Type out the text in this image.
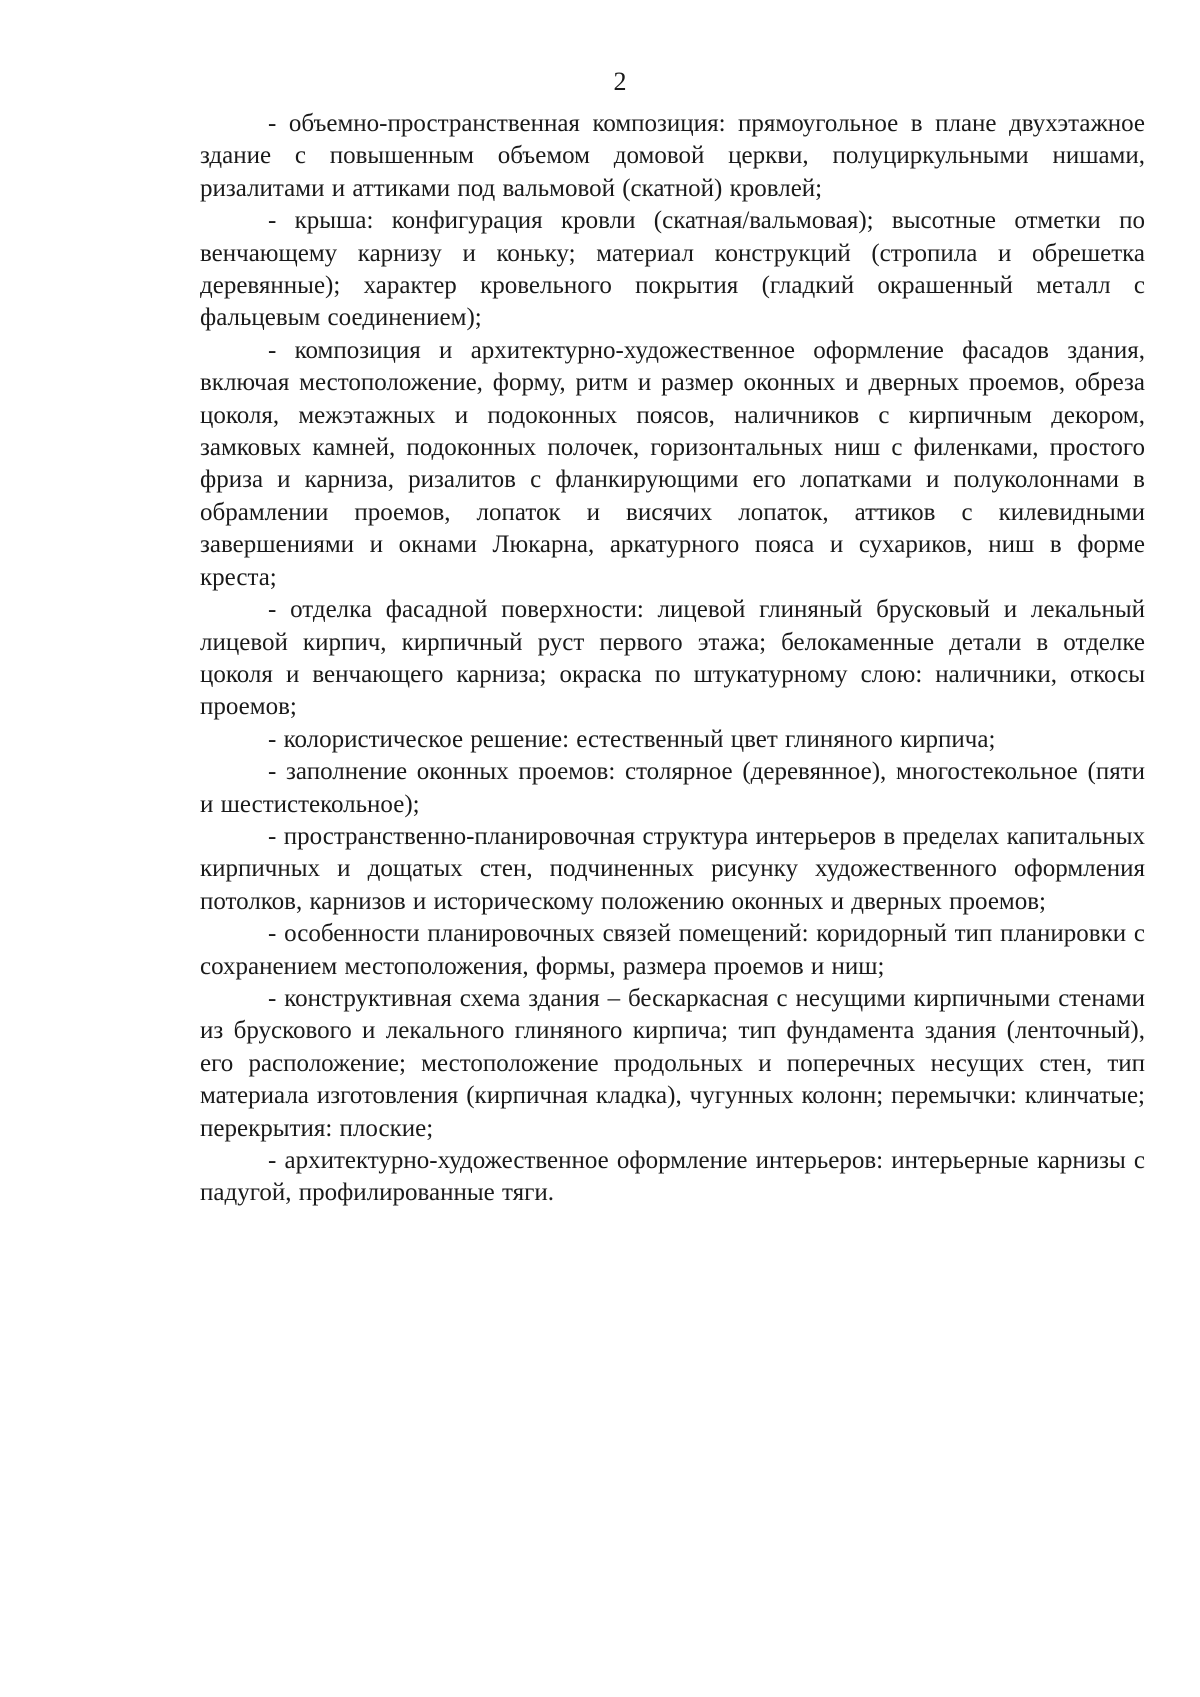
2

- объемно-пространственная композиция: прямоугольное в плане двухэтажное здание с повышенным объемом домовой церкви, полуциркульными нишами, ризалитами и аттиками под вальмовой (скатной) кровлей;

- крыша: конфигурация кровли (скатная/вальмовая); высотные отметки по венчающему карнизу и коньку; материал конструкций (стропила и обрешетка деревянные); характер кровельного покрытия (гладкий окрашенный металл с фальцевым соединением);

- композиция и архитектурно-художественное оформление фасадов здания, включая местоположение, форму, ритм и размер оконных и дверных проемов, обреза цоколя, межэтажных и подоконных поясов, наличников с кирпичным декором, замковых камней, подоконных полочек, горизонтальных ниш с филенками, простого фриза и карниза, ризалитов с фланкирующими его лопатками и полуколоннами в обрамлении проемов, лопаток и висячих лопаток, аттиков с килевидными завершениями и окнами Люкарна, аркатурного пояса и сухариков, ниш в форме креста;

- отделка фасадной поверхности: лицевой глиняный брусковый и лекальный лицевой кирпич, кирпичный руст первого этажа; белокаменные детали в отделке цоколя и венчающего карниза; окраска по штукатурному слою: наличники, откосы проемов;

- колористическое решение: естественный цвет глиняного кирпича;

- заполнение оконных проемов: столярное (деревянное), многостекольное (пяти и шестистекольное);

- пространственно-планировочная структура интерьеров в пределах капитальных кирпичных и дощатых стен, подчиненных рисунку художественного оформления потолков, карнизов и историческому положению оконных и дверных проемов;

- особенности планировочных связей помещений: коридорный тип планировки с сохранением местоположения, формы, размера проемов и ниш;

- конструктивная схема здания – бескаркасная с несущими кирпичными стенами из брускового и лекального глиняного кирпича; тип фундамента здания (ленточный), его расположение; местоположение продольных и поперечных несущих стен, тип материала изготовления (кирпичная кладка), чугунных колонн; перемычки: клинчатые; перекрытия: плоские;

- архитектурно-художественное оформление интерьеров: интерьерные карнизы с падугой, профилированные тяги.
